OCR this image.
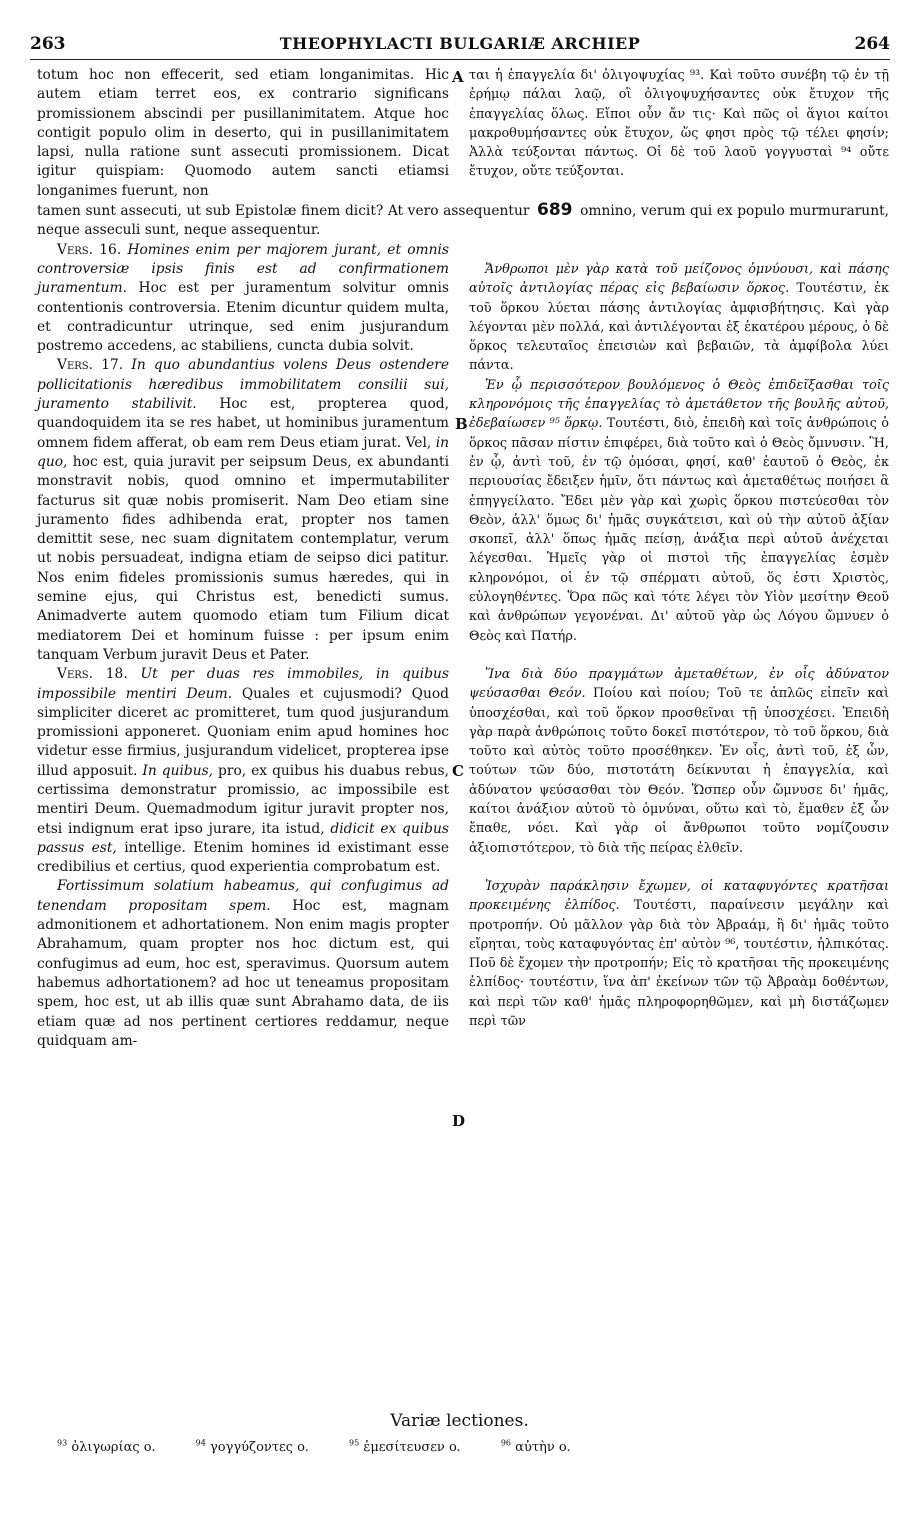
263	THEOPHYLACTI BULGARIÆ ARCHIEP	264

totum hoc non effecerit, sed etiam longanimitas. Hic autem etiam terret eos, ex contrario significans promissionem abscindi per pusillanimitatem. Atque hoc contigit populo olim in deserto, qui in pusillanimitatem lapsi, nulla ratione sunt assecuti promissionem. Dicat igitur quispiam: Quomodo autem sancti etiamsi longanimes fuerunt, non

tamen sunt assecuti, ut sub Epistolæ finem dicit? At vero assequentur 689 omnino, verum qui ex populo murmurarunt, neque asseculi sunt, neque assequentur.

Vers. 16. Homines enim per majorem jurant, et omnis controversiæ ipsis finis est ad confirmationem juramentum. Hoc est per juramentum solvitur omnis contentionis controversia. Etenim dicuntur quidem multa, et contradicuntur utrinque, sed enim jusjurandum postremo accedens, ac stabiliens, cuncta dubia solvit.

Vers. 17. In quo abundantius volens Deus ostendere pollicitationis hæredibus immobilitatem consilii sui, juramento stabilivit. Hoc est, propterea quod, quandoquidem ita se res habet, ut hominibus juramentum omnem fidem afferat, ob eam rem Deus etiam jurat. Vel, in quo, hoc est, quia juravit per seipsum Deus, ex abundanti monstravit nobis, quod omnino et impermutabiliter facturus sit quæ nobis promiserit. Nam Deo etiam sine juramento fides adhibenda erat, propter nos tamen demittit sese, nec suam dignitatem contemplatur, verum ut nobis persuadeat, indigna etiam de seipso dici patitur. Nos enim fideles promissionis sumus hæredes, qui in semine ejus, qui Christus est, benedicti sumus. Animadverte autem quomodo etiam tum Filium dicat mediatorem Dei et hominum fuisse : per ipsum enim tanquam Verbum juravit Deus et Pater.

Vers. 18. Ut per duas res immobiles, in quibus impossibile mentiri Deum. Quales et cujusmodi? Quod simpliciter diceret ac promitteret, tum quod jusjurandum promissioni apponeret. Quoniam enim apud homines hoc videtur esse firmius, jusjurandum videlicet, propterea ipse illud apposuit. In quibus, pro, ex quibus his duabus rebus, certissima demonstratur promissio, ac impossibile est mentiri Deum. Quemadmodum igitur juravit propter nos, etsi indignum erat ipso jurare, ita istud, didicit ex quibus passus est, intellige. Etenim homines id existimant esse credibilius et certius, quod experientia comprobatum est.

Fortissimum solatium habeamus, qui confugimus ad tenendam propositam spem. Hoc est, magnam admonitionem et adhortationem. Non enim magis propter Abrahamum, quam propter nos hoc dictum est, qui confugimus ad eum, hoc est, speravimus. Quorsum autem habemus adhortationem? ad hoc ut teneamus propositam spem, hoc est, ut ab illis quæ sunt Abrahamo data, de iis etiam quæ ad nos pertinent certiores reddamur, neque quidquam am-

ται ἡ ἐπαγγελία δι' ὀλιγοψυχίας ⁹³. Καὶ τοῦτο συνέβη τῷ ἐν τῇ ἐρήμῳ πάλαι λαῷ, οἳ ὀλιγοψυχήσαντες οὐκ ἔτυχον τῆς ἐπαγγελίας ὅλως. Εἴποι οὖν ἄν τις· Καὶ πῶς οἱ ἅγιοι καίτοι μακροθυμήσαντες οὐκ ἔτυχον, ὥς φησι πρὸς τῷ τέλει φησίν; Ἀλλὰ τεύξονται πάντως. Οἱ δὲ τοῦ λαοῦ γογγυσταὶ ⁹⁴ οὔτε ἔτυχον, οὔτε τεύξονται.

Ἄνθρωποι μὲν γὰρ κατὰ τοῦ μείζονος ὀμνύουσι, καὶ πάσης αὐτοῖς ἀντιλογίας πέρας εἰς βεβαίωσιν ὅρκος. Τουτέστιν, ἐκ τοῦ ὅρκου λύεται πάσης ἀντιλογίας ἀμφισβήτησις. Καὶ γὰρ λέγονται μὲν πολλά, καὶ ἀντιλέγονται ἐξ ἑκατέρου μέρους, ὁ δὲ ὅρκος τελευταῖος ἐπεισιὼν καὶ βεβαιῶν, τὰ ἀμφίβολα λύει πάντα.

Ἐν ᾧ περισσότερον βουλόμενος ὁ Θεὸς ἐπιδεῖξασθαι τοῖς κληρονόμοις τῆς ἐπαγγελίας τὸ ἀμετάθετον τῆς βουλῆς αὐτοῦ, ἐδεβαίωσεν ⁹⁵ ὅρκῳ. Τουτέστι, διὸ, ἐπειδὴ καὶ τοῖς ἀνθρώποις ὁ ὅρκος πᾶσαν πίστιν ἐπιφέρει, διὰ τοῦτο καὶ ὁ Θεὸς ὄμνυσιν. Ἢ, ἐν ᾧ, ἀντὶ τοῦ, ἐν τῷ ὀμόσαι, φησί, καθ' ἑαυτοῦ ὁ Θεὸς, ἐκ περιουσίας ἔδειξεν ἡμῖν, ὅτι πάντως καὶ ἀμεταθέτως ποιήσει ἃ ἐπηγγείλατο. Ἔδει μὲν γὰρ καὶ χωρὶς ὅρκου πιστεύεσθαι τὸν Θεὸν, ἀλλ' ὅμως δι' ἡμᾶς συγκάτεισι, καὶ οὐ τὴν αὐτοῦ ἀξίαν σκοπεῖ, ἀλλ' ὅπως ἡμᾶς πείσῃ, ἀνάξια περὶ αὐτοῦ ἀνέχεται λέγεσθαι. Ἡμεῖς γὰρ οἱ πιστοὶ τῆς ἐπαγγελίας ἐσμὲν κληρονόμοι, οἱ ἐν τῷ σπέρματι αὐτοῦ, ὅς ἐστι Χριστὸς, εὐλογηθέντες. Ὅρα πῶς καὶ τότε λέγει τὸν Υἱὸν μεσίτην Θεοῦ καὶ ἀνθρώπων γεγονέναι. Δι' αὐτοῦ γὰρ ὡς Λόγου ὤμνυεν ὁ Θεὸς καὶ Πατήρ.

Ἵνα διὰ δύο πραγμάτων ἀμεταθέτων, ἐν οἷς ἀδύνατον ψεύσασθαι Θεόν. Ποίου καὶ ποίου; Τοῦ τε ἁπλῶς εἰπεῖν καὶ ὑποσχέσθαι, καὶ τοῦ ὅρκον προσθεῖναι τῇ ὑποσχέσει. Ἐπειδὴ γὰρ παρὰ ἀνθρώποις τοῦτο δοκεῖ πιστότερον, τὸ τοῦ ὅρκου, διὰ τοῦτο καὶ αὐτὸς τοῦτο προσέθηκεν. Ἐν οἷς, ἀντὶ τοῦ, ἐξ ὧν, τούτων τῶν δύο, πιστοτάτη δείκνυται ἡ ἐπαγγελία, καὶ ἀδύνατον ψεύσασθαι τὸν Θεόν. Ὥσπερ οὖν ὤμνυσε δι' ἡμᾶς, καίτοι ἀνάξιον αὐτοῦ τὸ ὀμνύναι, οὕτω καὶ τὸ, ἔμαθεν ἐξ ὧν ἔπαθε, νόει. Καὶ γὰρ οἱ ἄνθρωποι τοῦτο νομίζουσιν ἀξιοπιστότερον, τὸ διὰ τῆς πείρας ἐλθεῖν.

Ἰσχυρὰν παράκλησιν ἔχωμεν, οἱ καταφυγόντες κρατῆσαι προκειμένης ἐλπίδος. Τουτέστι, παραίνεσιν μεγάλην καὶ προτροπήν. Οὐ μᾶλλον γὰρ διὰ τὸν Ἀβραάμ, ἢ δι' ἡμᾶς τοῦτο εἴρηται, τοὺς καταφυγόντας ἐπ' αὐτὸν ⁹⁶, τουτέστιν, ἠλπικότας. Ποῦ δὲ ἔχομεν τὴν προτροπήν; Εἰς τὸ κρατῆσαι τῆς προκειμένης ἐλπίδος· τουτέστιν, ἵνα ἀπ' ἐκείνων τῶν τῷ Ἀβραὰμ δοθέντων, καὶ περὶ τῶν καθ' ἡμᾶς πληροφορηθῶμεν, καὶ μὴ διστάζωμεν περὶ τῶν

A
B
C
D
Variæ lectiones.
$^{93}$ ὀλιγωρίας o.	$^{94}$ γογγύζοντες o.	$^{95}$ ἐμεσίτευσεν o.	$^{96}$ αὐτὴν o.
